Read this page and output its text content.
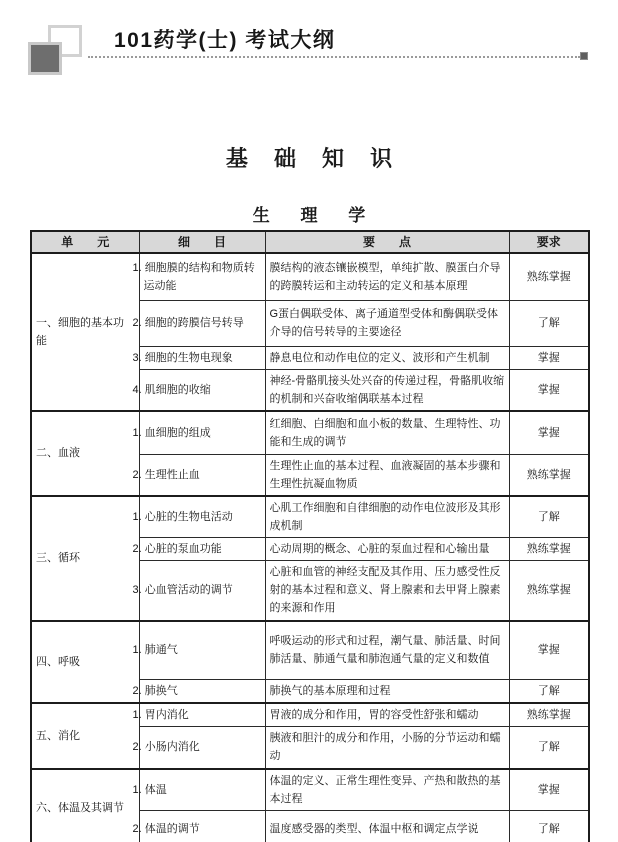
101药学(士) 考试大纲
基 础 知 识
生 理 学
单　　元	细　　目	要　　点	要求
一、细胞的基本功能	1. 细胞膜的结构和物质转运动能	膜结构的液态镶嵌模型，单纯扩散、膜蛋白介导的跨膜转运和主动转运的定义和基本原理	熟练掌握
	2. 细胞的跨膜信号转导	G蛋白偶联受体、离子通道型受体和酶偶联受体介导的信号转导的主要途径	了解
	3. 细胞的生物电现象	静息电位和动作电位的定义、波形和产生机制	掌握
	4. 肌细胞的收缩	神经-骨骼肌接头处兴奋的传递过程，骨骼肌收缩的机制和兴奋收缩偶联基本过程	掌握
二、血液	1. 血细胞的组成	红细胞、白细胞和血小板的数量、生理特性、功能和生成的调节	掌握
	2. 生理性止血	生理性止血的基本过程、血液凝固的基本步骤和生理性抗凝血物质	熟练掌握
三、循环	1. 心脏的生物电活动	心肌工作细胞和自律细胞的动作电位波形及其形成机制	了解
	2. 心脏的泵血功能	心动周期的概念、心脏的泵血过程和心输出量	熟练掌握
	3. 心血管活动的调节	心脏和血管的神经支配及其作用、压力感受性反射的基本过程和意义、肾上腺素和去甲肾上腺素的来源和作用	熟练掌握
四、呼吸	1. 肺通气	呼吸运动的形式和过程，潮气量、肺活量、时间肺活量、肺通气量和肺泡通气量的定义和数值	掌握
	2. 肺换气	肺换气的基本原理和过程	了解
五、消化	1. 胃内消化	胃液的成分和作用，胃的容受性舒张和蠕动	熟练掌握
	2. 小肠内消化	胰液和胆汁的成分和作用，小肠的分节运动和蠕动	了解
六、体温及其调节	1. 体温	体温的定义、正常生理性变异、产热和散热的基本过程	掌握
	2. 体温的调节	温度感受器的类型、体温中枢和调定点学说	了解
